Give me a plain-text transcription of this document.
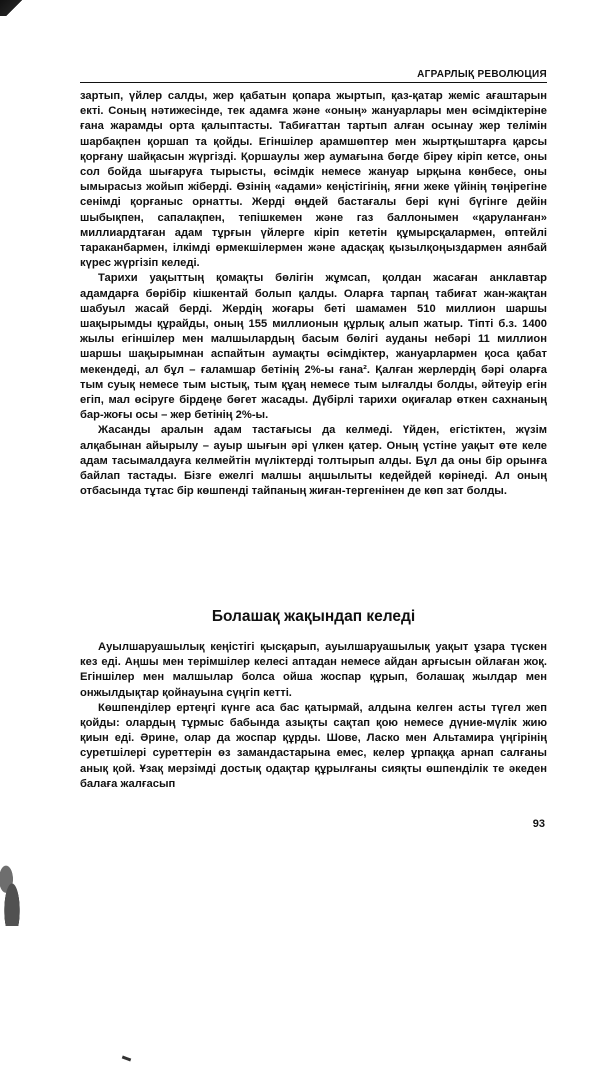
АГРАРЛЫҚ РЕВОЛЮЦИЯ

зартып, үйлер салды, жер қабатын қопара жыртып, қаз-қатар жеміс ағаштарын екті. Соның нәтижесінде, тек адамға және «оның» жануарлары мен өсімдіктеріне ғана жарамды орта қалыптасты. Табиғаттан тартып алған осынау жер телімін шарбақпен қоршап та қойды. Егіншілер арамшөптер мен жыртқыштарға қарсы қорғану шайқасын жүргізді. Қоршаулы жер аумағына бөгде біреу кіріп кетсе, оны сол бойда шығаруға тырысты, өсімдік немесе жануар ырқына көнбесе, оны ымырасыз жойып жіберді. Өзінің «адами» кеңістігінің, яғни жеке үйінің төңірегіне сенімді қорғаныс орнатты. Жерді өңдей бастағалы бері күні бүгінге дейін шыбықпен, сапалақпен, тепішкемен және газ баллонымен «қаруланған» миллиардтаған адам тұрғын үйлерге кіріп кететін құмырсқалармен, өптейлі тараканбармен, ілкімді өрмекшілермен және адасқақ қызылқоңыздармен аянбай күрес жүргізіп келеді.

Тарихи уақыттың қомақты бөлігін жұмсап, қолдан жасаған анклавтар адамдарға бөрібір кішкентай болып қалды. Оларға тарпаң табиғат жан-жақтан шабуыл жасай берді. Жердің жоғары беті шамамен 510 миллион шаршы шақырымды құрайды, оның 155 миллионын құрлық алып жатыр. Тіпті б.з. 1400 жылы егіншілер мен малшылардың басым бөлігі ауданы небәрі 11 миллион шаршы шақырымнан аспайтын аумақты өсімдіктер, жануарлармен қоса қабат мекендеді, ал бұл – ғаламшар бетінің 2%-ы ғана². Қалған жерлердің бәрі оларға тым суық немесе тым ыстық, тым құаң немесе тым ылғалды болды, әйтеуір егін егіп, мал өсіруге бірдеңе бөгет жасады. Дүбірлі тарихи оқиғалар өткен сахнаның бар-жоғы осы – жер бетінің 2%-ы.

Жасанды аралын адам тастағысы да келмеді. Үйден, егістіктен, жүзім алқабынан айырылу – ауыр шығын әрі үлкен қатер. Оның үстіне уақыт өте келе адам тасымалдауға келмейтін мүліктерді толтырып алды. Бұл да оны бір орынға байлап тастады. Бізге ежелгі малшы аңшылыты кедейдей көрінеді. Ал оның отбасында тұтас бір көшпенді тайпаның жиған-тергенінен де көп зат болды.

Болашақ жақындап келеді

Ауылшаруашылық кеңістігі қысқарып, ауылшаруашылық уақыт ұзара түскен кез еді. Аңшы мен терімшілер келесі аптадан немесе айдан арғысын ойлаған жоқ. Егіншілер мен малшылар болса ойша жоспар құрып, болашақ жылдар мен онжылдықтар қойнауына сүңгіп кетті.

Көшпенділер ертеңгі күнге аса бас қатырмай, алдына келген асты түгел жеп қойды: олардың тұрмыс бабында азықты сақтап қою немесе дүние-мүлік жию қиын еді. Әрине, олар да жоспар құрды. Шове, Ласко мен Альтамира үңгірінің суретшілері суреттерін өз замандастарына емес, келер ұрпаққа арнап салғаны анық қой. Ұзақ мерзімді достық одақтар құрылғаны сияқты өшпенділік те әкеден балаға жалғасып

93
